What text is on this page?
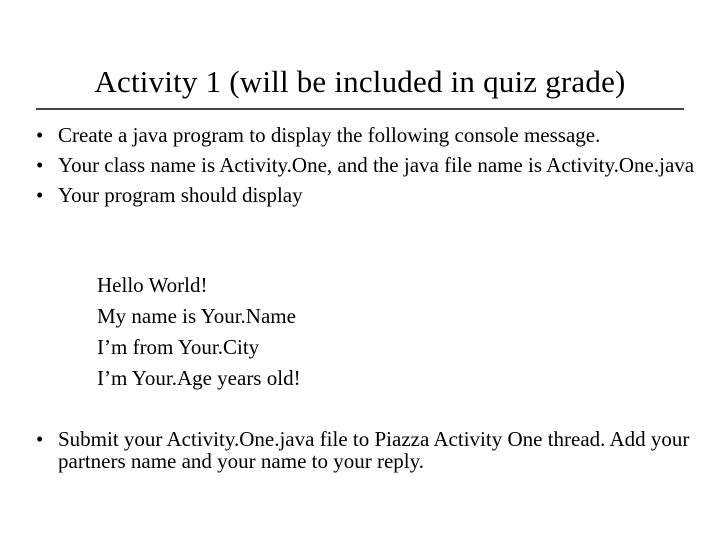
Activity 1 (will be included in quiz grade)
• Create a java program to display the following console message.
• Your class name is Activity.One, and the java file name is Activity.One.java
• Your program should display
Hello World!
My name is Your.Name
I’m from Your.City
I’m Your.Age years old!
• Submit your Activity.One.java file to Piazza Activity One thread. Add your partners name and your name to your reply.
